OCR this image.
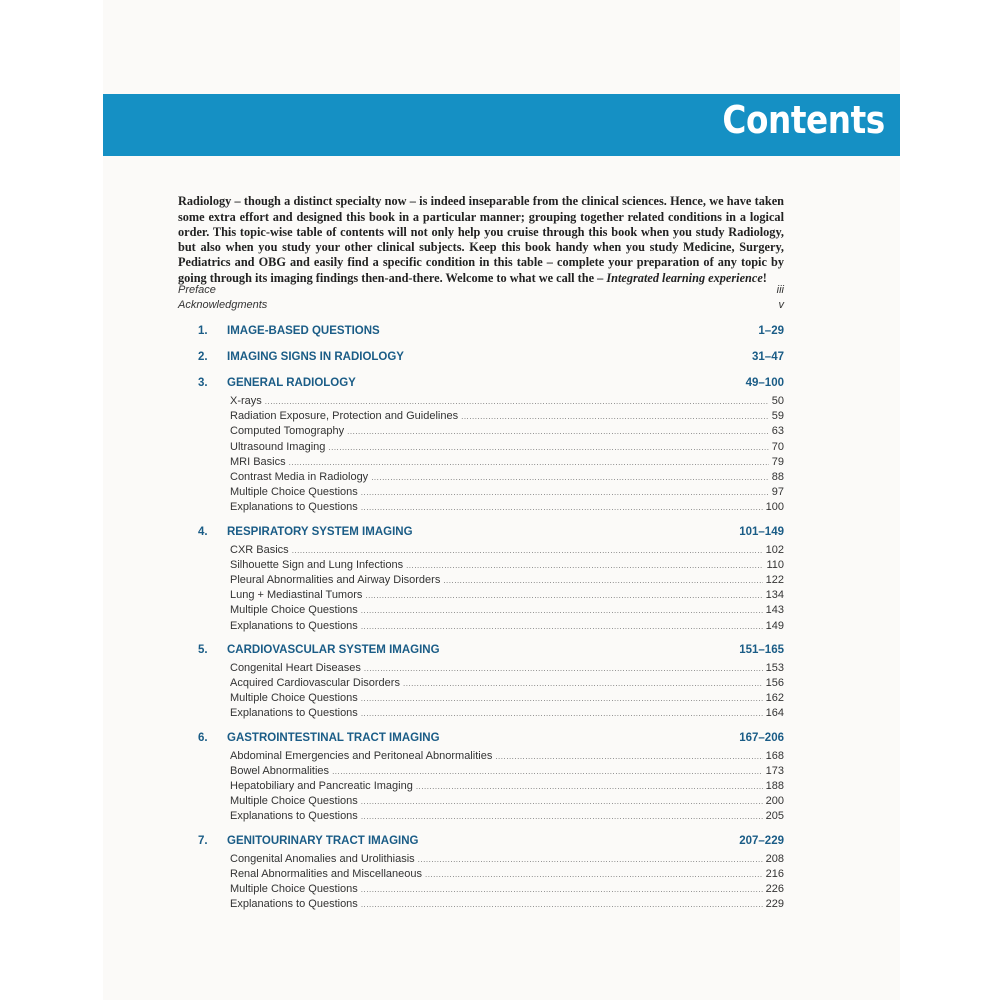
Contents

Radiology – though a distinct specialty now – is indeed inseparable from the clinical sciences. Hence, we have taken some extra effort and designed this book in a particular manner; grouping together related conditions in a logical order. This topic-wise table of contents will not only help you cruise through this book when you study Radiology, but also when you study your other clinical subjects. Keep this book handy when you study Medicine, Surgery, Pediatrics and OBG and easily find a specific condition in this table – complete your preparation of any topic by going through its imaging findings then-and-there. Welcome to what we call the – Integrated learning experience!

Preface	iii
Acknowledgments	v
1. IMAGE-BASED QUESTIONS	1–29
2. IMAGING SIGNS IN RADIOLOGY	31–47
3. GENERAL RADIOLOGY	49–100
X-rays .....	50
Radiation Exposure, Protection and Guidelines .....	59
Computed Tomography .....	63
Ultrasound Imaging .....	70
MRI Basics .....	79
Contrast Media in Radiology .....	88
Multiple Choice Questions .....	97
Explanations to Questions .....	100
4. RESPIRATORY SYSTEM IMAGING	101–149
CXR Basics .....	102
Silhouette Sign and Lung Infections .....	110
Pleural Abnormalities and Airway Disorders .....	122
Lung + Mediastinal Tumors .....	134
Multiple Choice Questions .....	143
Explanations to Questions .....	149
5. CARDIOVASCULAR SYSTEM IMAGING	151–165
Congenital Heart Diseases .....	153
Acquired Cardiovascular Disorders .....	156
Multiple Choice Questions .....	162
Explanations to Questions .....	164
6. GASTROINTESTINAL TRACT IMAGING	167–206
Abdominal Emergencies and Peritoneal Abnormalities .....	168
Bowel Abnormalities .....	173
Hepatobiliary and Pancreatic Imaging .....	188
Multiple Choice Questions .....	200
Explanations to Questions .....	205
7. GENITOURINARY TRACT IMAGING	207–229
Congenital Anomalies and Urolithiasis .....	208
Renal Abnormalities and Miscellaneous .....	216
Multiple Choice Questions .....	226
Explanations to Questions .....	229
